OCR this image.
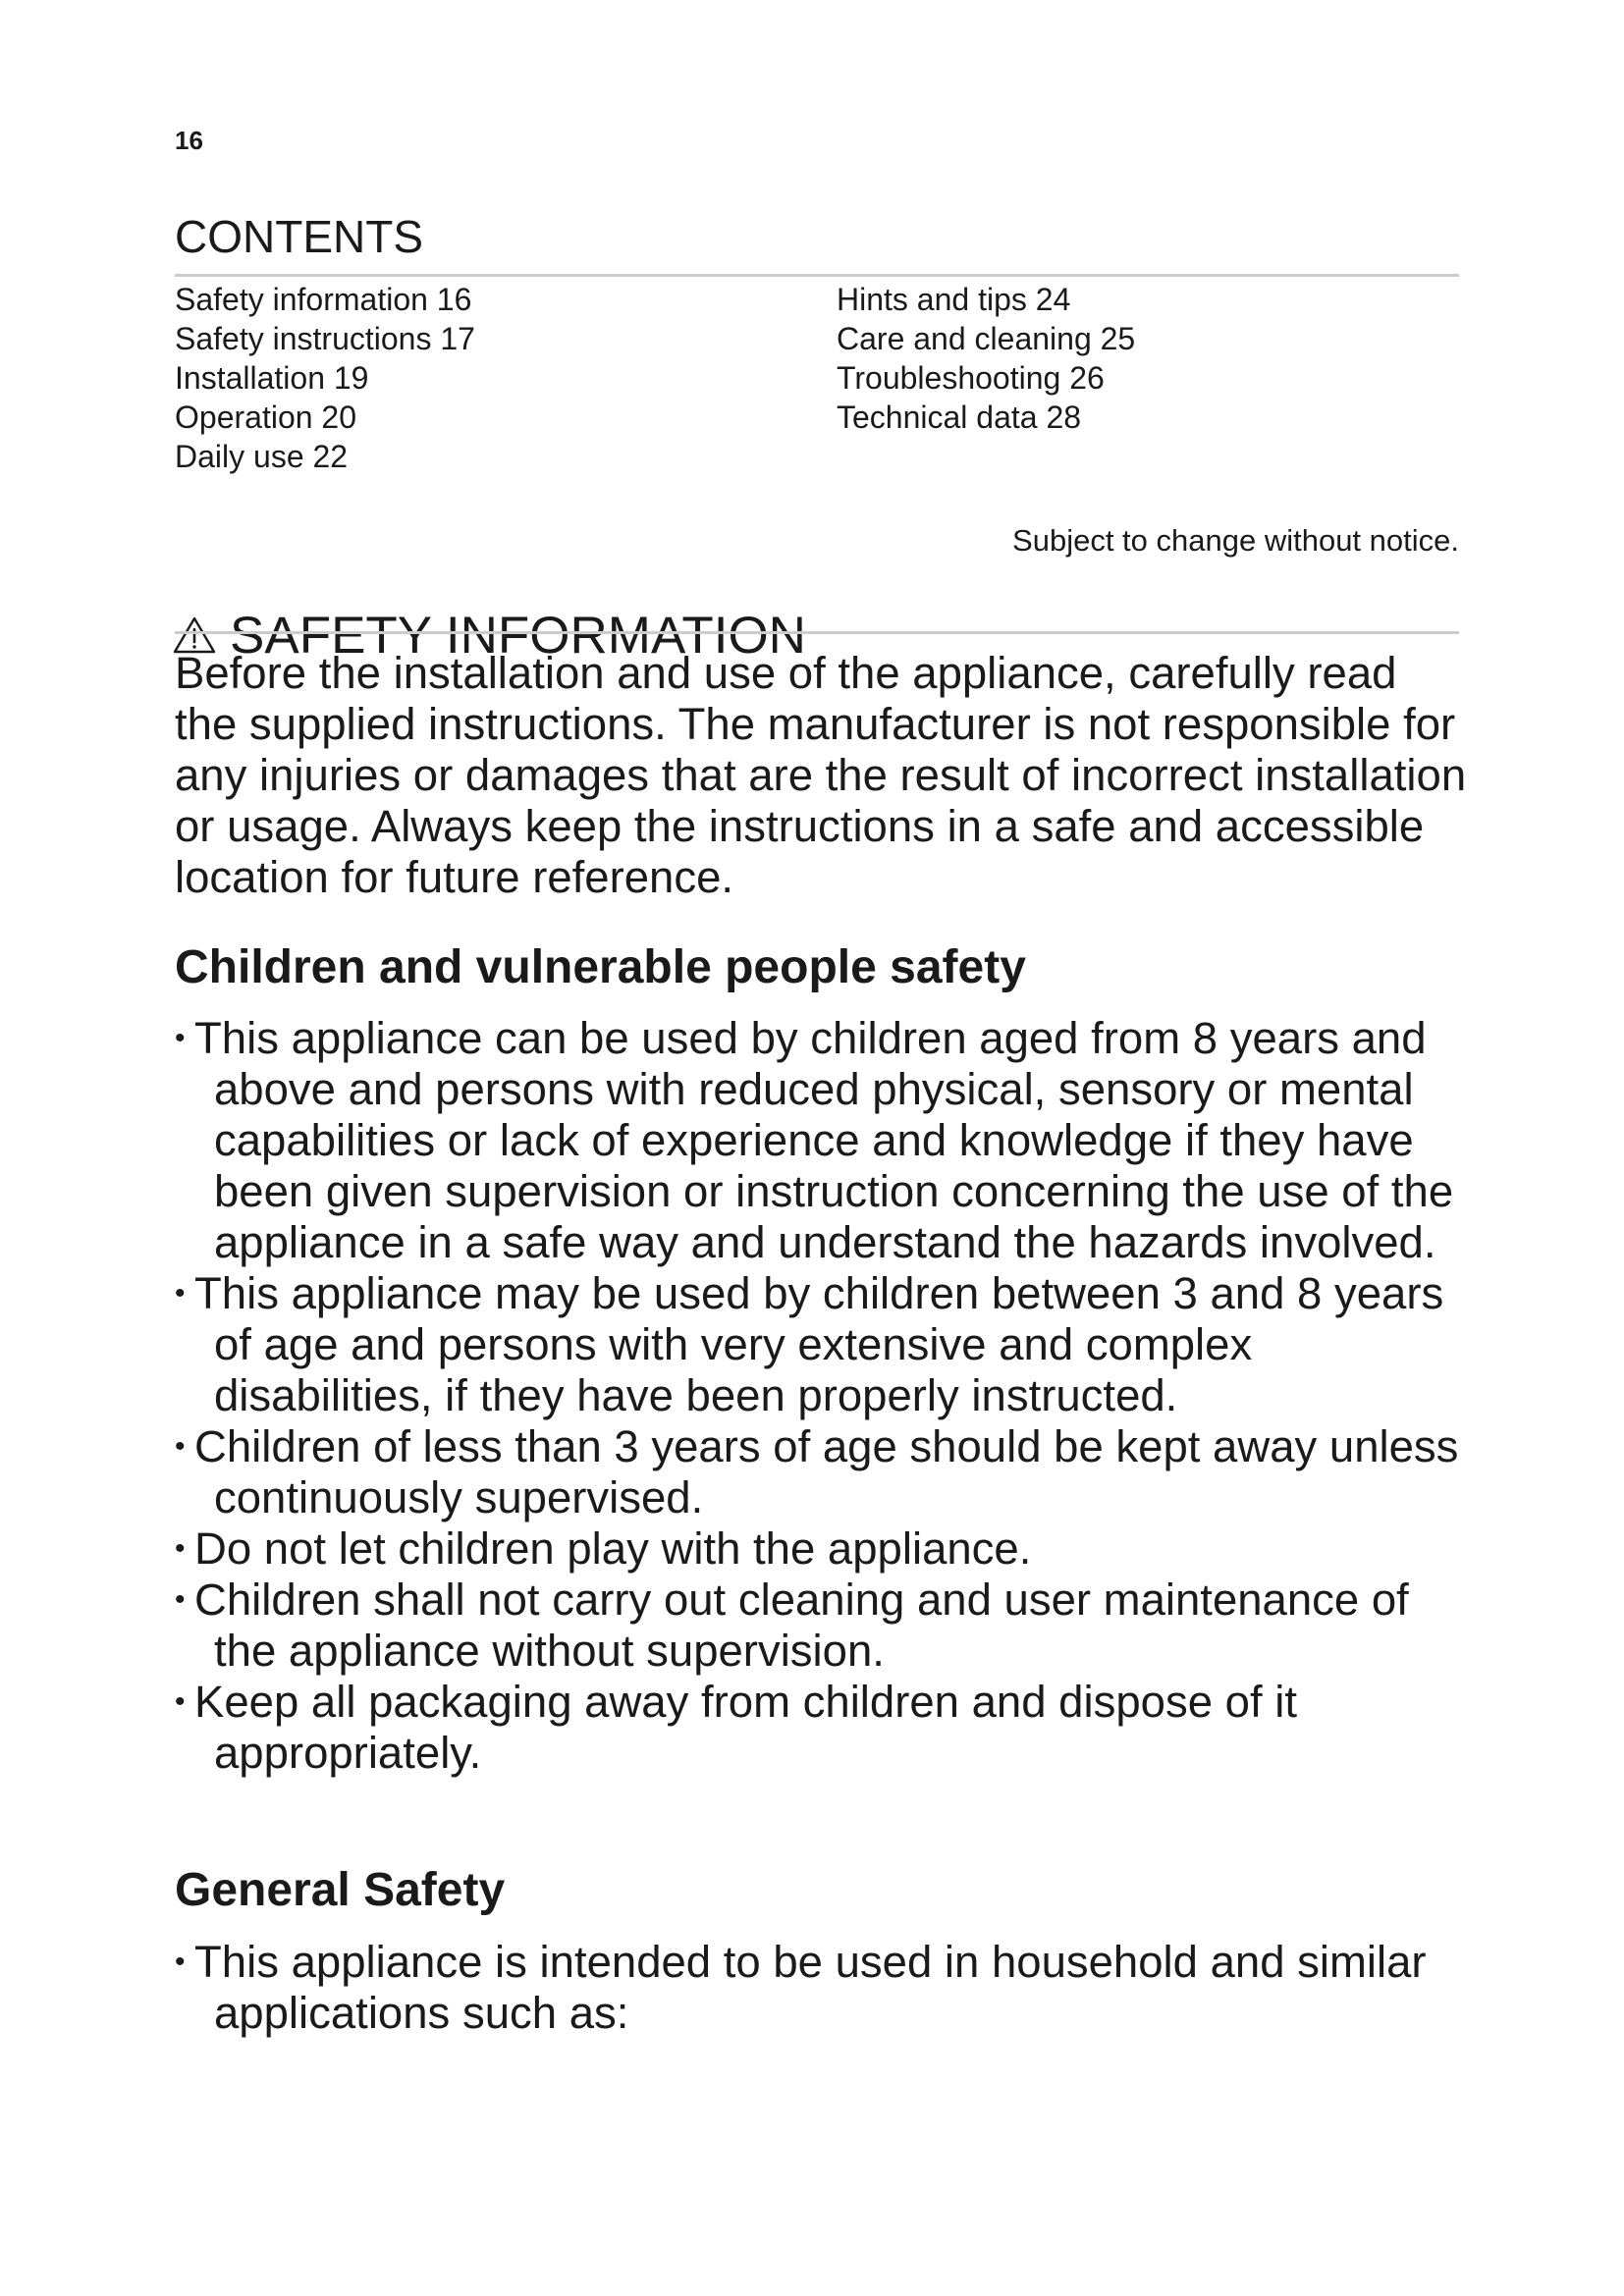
16
CONTENTS
Safety information 16
Safety instructions 17
Installation 19
Operation 20
Daily use 22
Hints and tips 24
Care and cleaning 25
Troubleshooting 26
Technical data 28
Subject to change without notice.
SAFETY INFORMATION

Before the installation and use of the appliance, carefully read the supplied instructions. The manufacturer is not responsible for any injuries or damages that are the result of incorrect installation or usage. Always keep the instructions in a safe and accessible location for future reference.

Children and vulnerable people safety
• This appliance can be used by children aged from 8 years and above and persons with reduced physical, sensory or mental capabilities or lack of experience and knowledge if they have been given supervision or instruction concerning the use of the appliance in a safe way and understand the hazards involved.
• This appliance may be used by children between 3 and 8 years of age and persons with very extensive and complex disabilities, if they have been properly instructed.
• Children of less than 3 years of age should be kept away unless continuously supervised.
• Do not let children play with the appliance.
• Children shall not carry out cleaning and user maintenance of the appliance without supervision.
• Keep all packaging away from children and dispose of it appropriately.
General Safety
• This appliance is intended to be used in household and similar applications such as:
